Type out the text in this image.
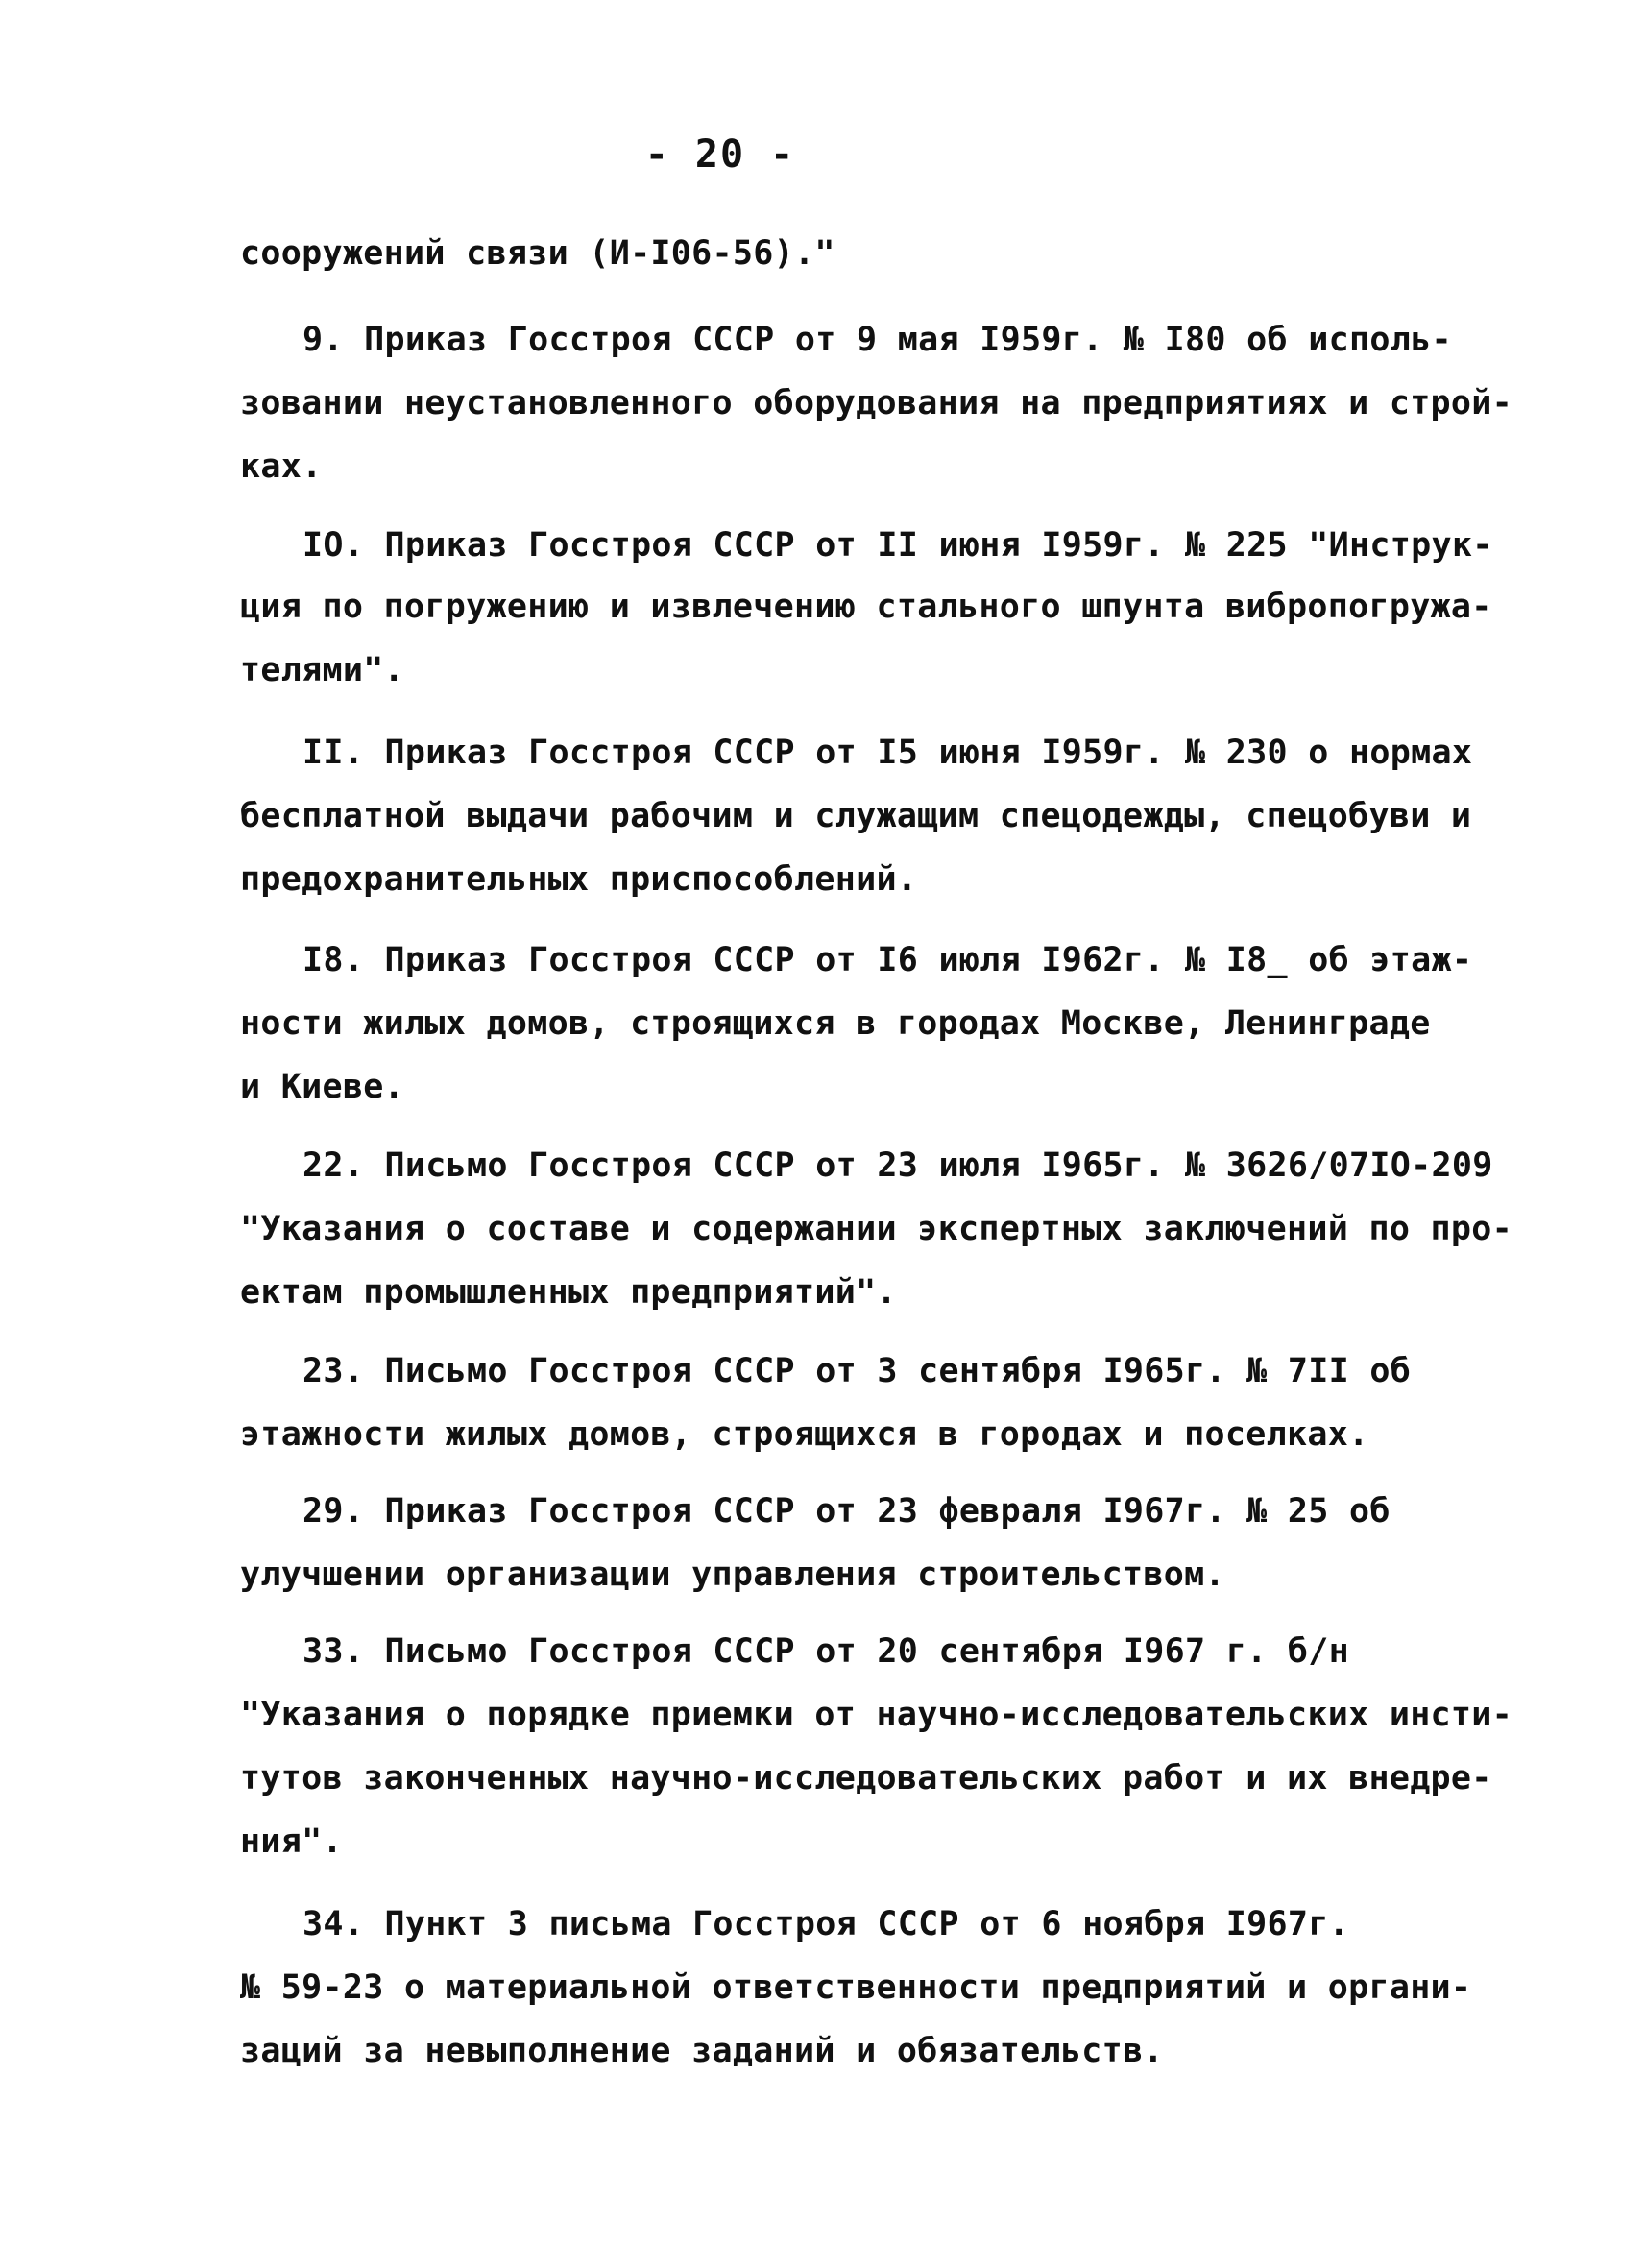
- 20 -
сооружений связи (И-I06-56)."
9. Приказ Госстроя СССР от 9 мая I959г. № I80 об исполь-
зовании неустановленного оборудования на предприятиях и строй-
ках.
IO. Приказ Госстроя СССР от II июня I959г. № 225 "Инструк-
ция по погружению и извлечению стального шпунта вибропогружа-
телями".
II. Приказ Госстроя СССР от I5 июня I959г. № 230 о нормах
бесплатной выдачи рабочим и служащим спецодежды, спецобуви и
предохранительных приспособлений.
I8. Приказ Госстроя СССР от I6 июля I962г. № I8_ об этаж-
ности жилых домов, строящихся в городах Москве, Ленинграде
и Киеве.
22. Письмо Госстроя СССР от 23 июля I965г. № 3626/07IO-209
"Указания о составе и содержании экспертных заключений по про-
ектам промышленных предприятий".
23. Письмо Госстроя СССР от 3 сентября I965г. № 7II об
этажности жилых домов, строящихся в городах и поселках.
29. Приказ Госстроя СССР от 23 февраля I967г. № 25 об
улучшении организации управления строительством.
33. Письмо Госстроя СССР от 20 сентября I967 г. б/н
"Указания о порядке приемки от научно-исследовательских инсти-
тутов законченных научно-исследовательских работ и их внедре-
ния".
34. Пункт 3 письма Госстроя СССР от 6 ноября I967г.
№ 59-23 о материальной ответственности предприятий и органи-
заций за невыполнение заданий и обязательств.
